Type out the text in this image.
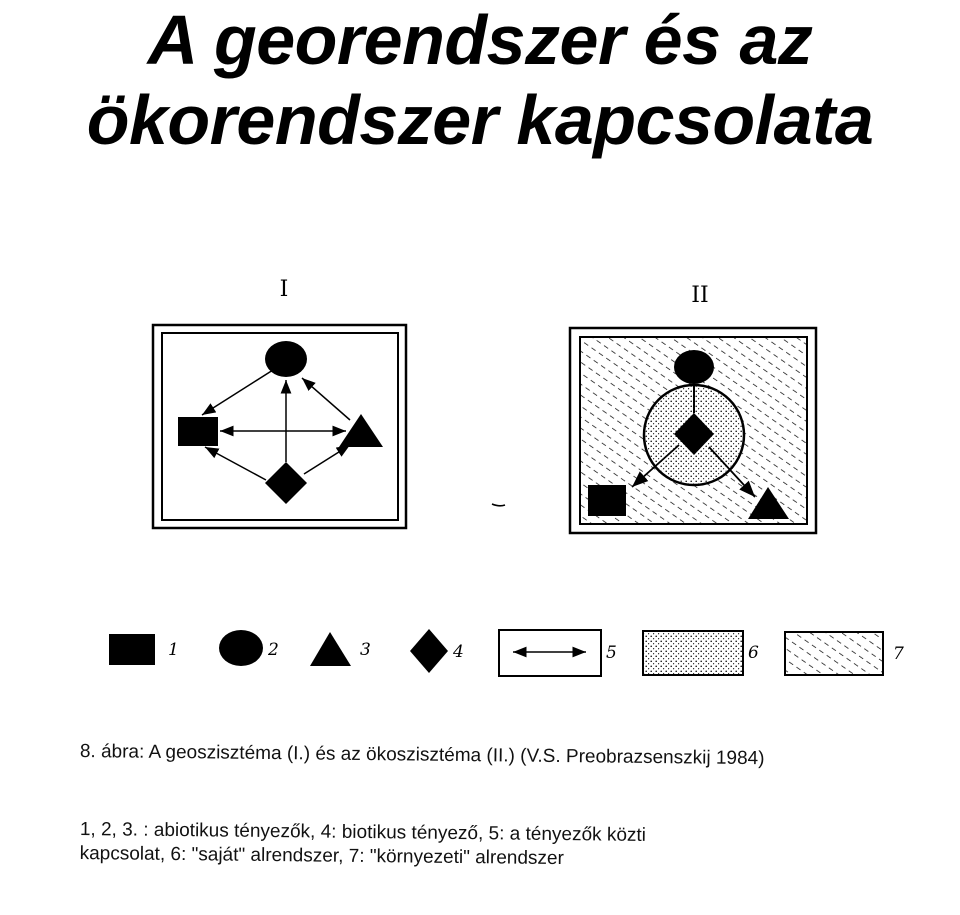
A georendszer és az
ökorendszer kapcsolata
I	II
1	2	3	4	5	6	7
8. ábra: A geoszisztéma (I.) és az ökoszisztéma (II.) (V.S. Preobrazsenszkij 1984)
1, 2, 3. : abiotikus tényezők, 4: biotikus tényező, 5: a tényezők közti
kapcsolat, 6: "saját" alrendszer, 7: "környezeti" alrendszer
